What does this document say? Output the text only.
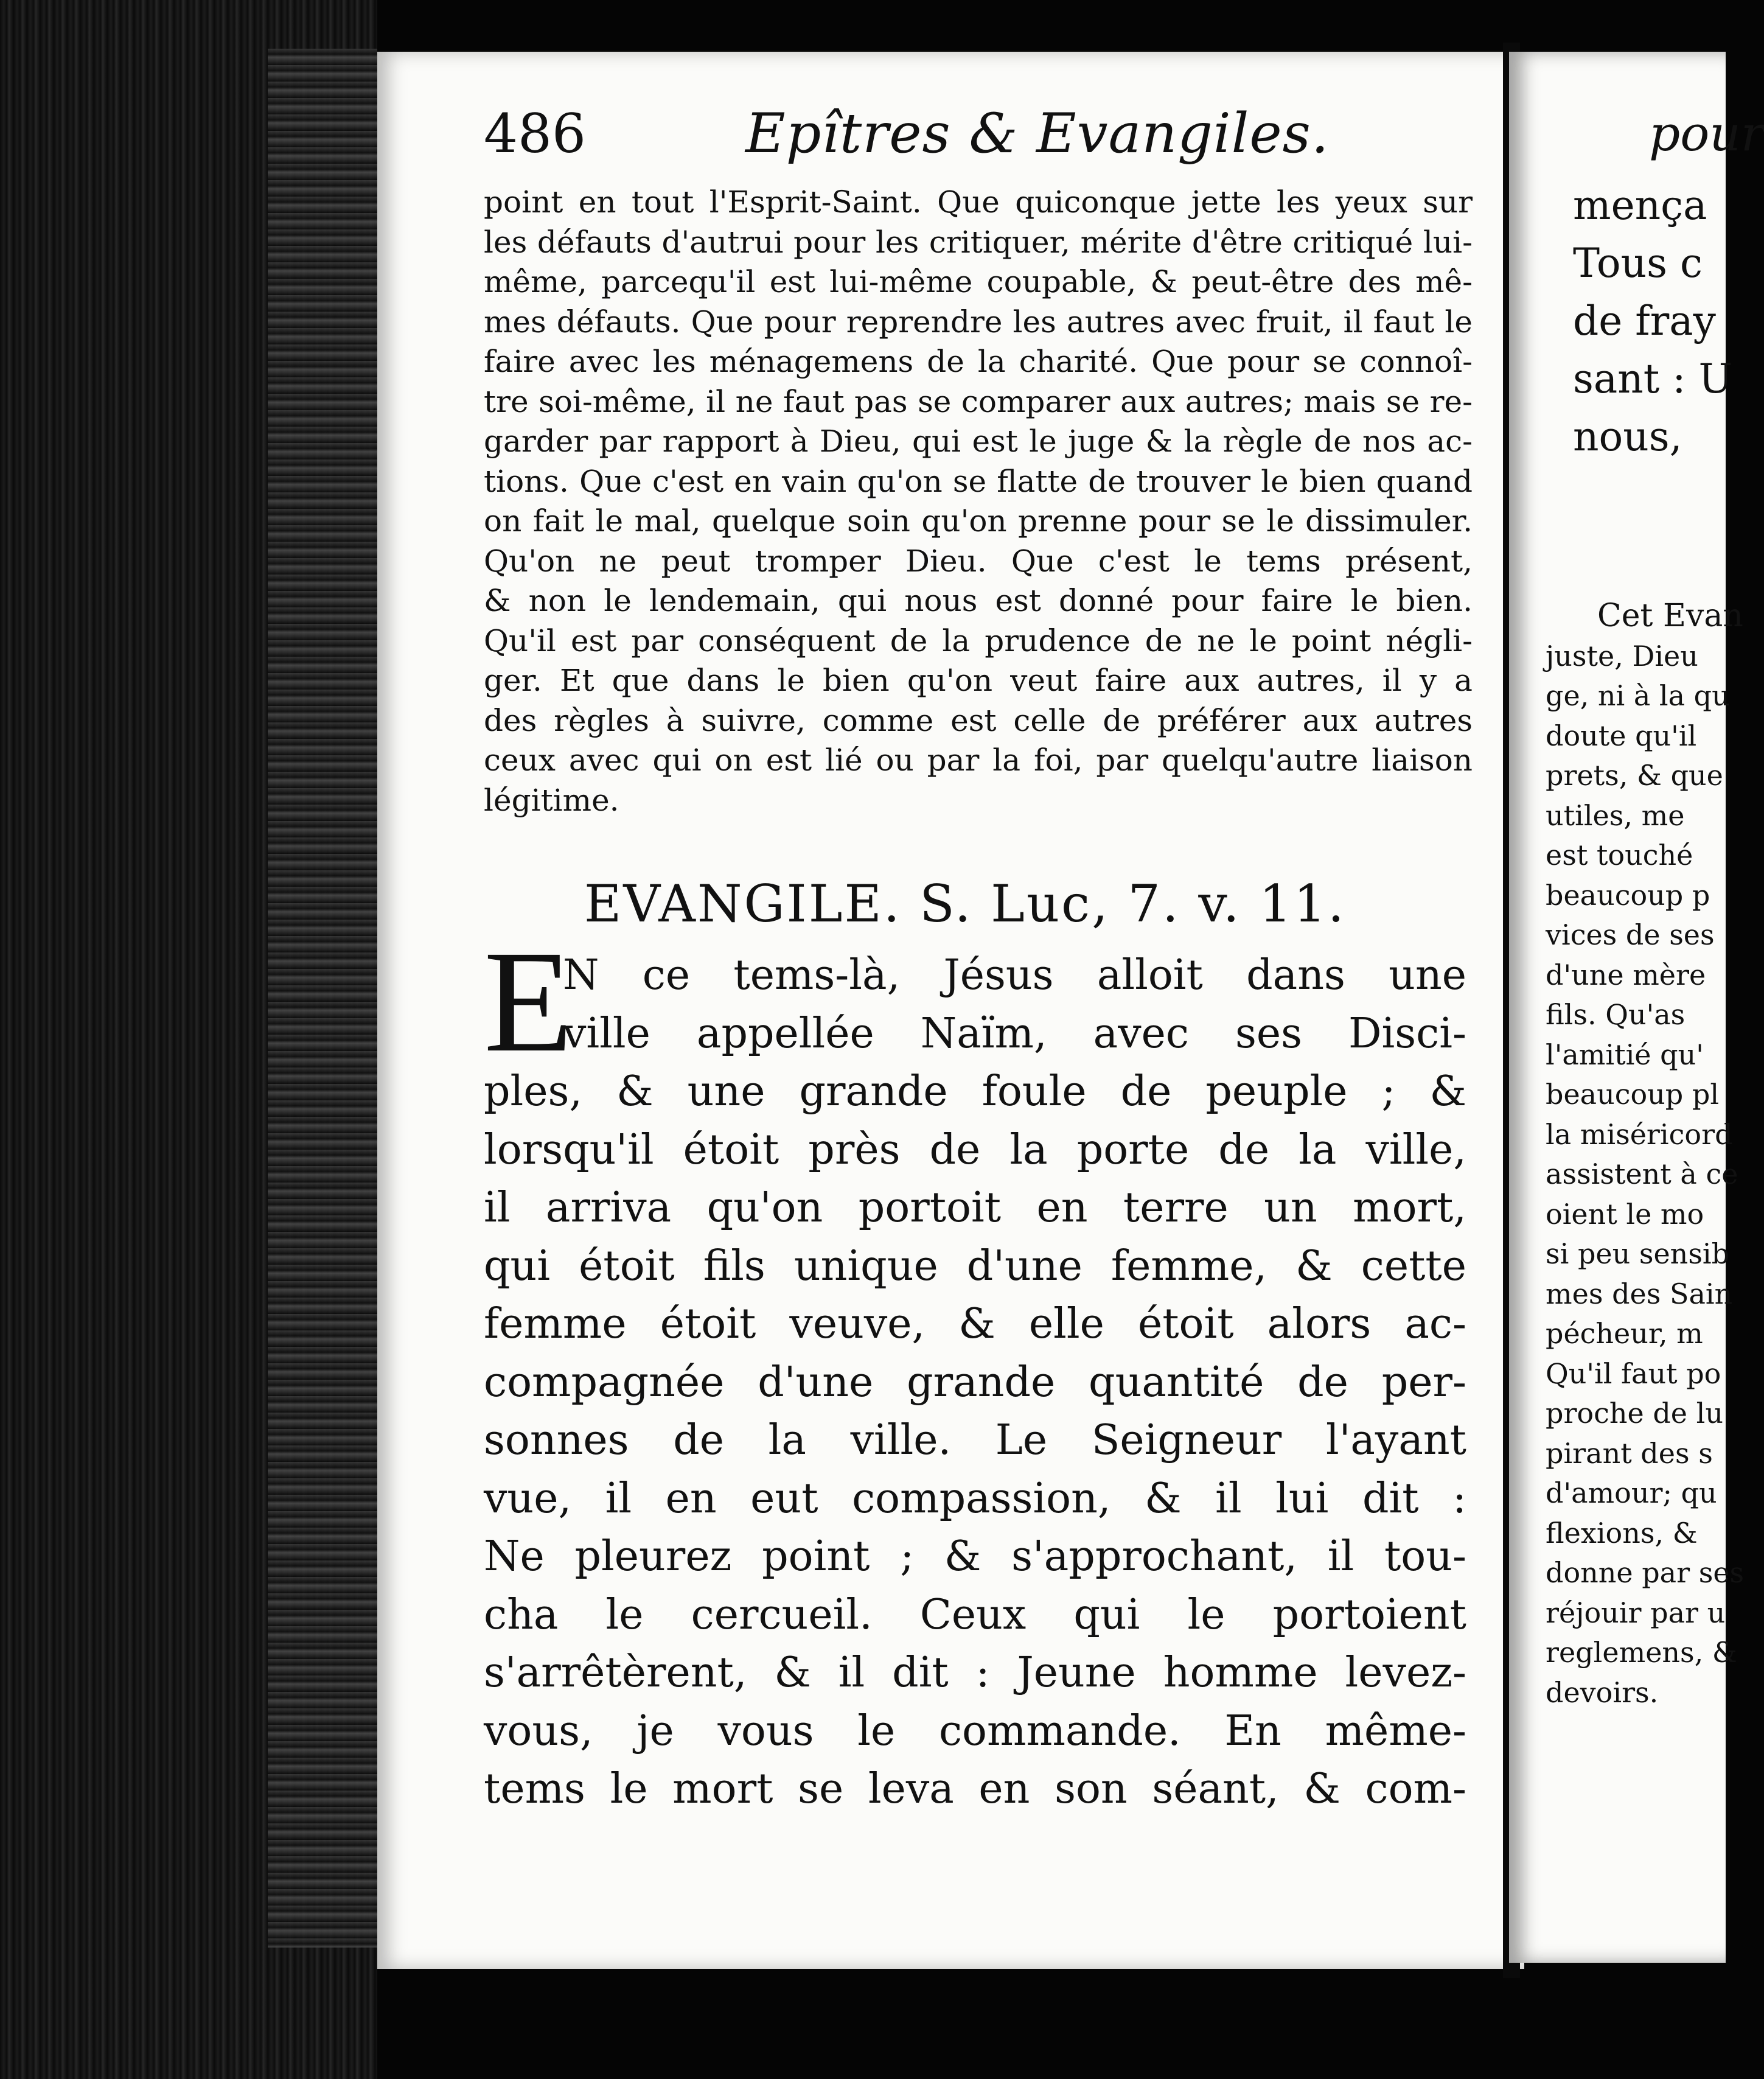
486	Epîtres & Evangiles.
point en tout l'Esprit-Saint. Que quiconque jette les yeux sur
les défauts d'autrui pour les critiquer, mérite d'être critiqué lui-
même, parcequ'il est lui-même coupable, & peut-être des mê-
mes défauts. Que pour reprendre les autres avec fruit, il faut le
faire avec les ménagemens de la charité. Que pour se connoî-
tre soi-même, il ne faut pas se comparer aux autres; mais se re-
garder par rapport à Dieu, qui est le juge & la règle de nos ac-
tions. Que c'est en vain qu'on se flatte de trouver le bien quand
on fait le mal, quelque soin qu'on prenne pour se le dissimuler.
Qu'on ne peut tromper Dieu. Que c'est le tems présent,
& non le lendemain, qui nous est donné pour faire le bien.
Qu'il est par conséquent de la prudence de ne le point négli-
ger. Et que dans le bien qu'on veut faire aux autres, il y a
des règles à suivre, comme est celle de préférer aux autres
ceux avec qui on est lié ou par la foi, par quelqu'autre liaison
légitime.
EVANGILE. S. Luc, 7. v. 11.
E
N ce tems-là, Jésus alloit dans une
ville appellée Naïm, avec ses Disci-
ples, & une grande foule de peuple ; &
lorsqu'il étoit près de la porte de la ville,
il arriva qu'on portoit en terre un mort,
qui étoit fils unique d'une femme, & cette
femme étoit veuve, & elle étoit alors ac-
compagnée d'une grande quantité de per-
sonnes de la ville. Le Seigneur l'ayant
vue, il en eut compassion, & il lui dit :
Ne pleurez point ; & s'approchant, il tou-
cha le cercueil. Ceux qui le portoient
s'arrêtèrent, & il dit : Jeune homme levez-
vous, je vous le commande. En même-
tems le mort se leva en son séant, & com-
pour
mença
Tous c
de fray
sant : U
nous,
Cet Evan
juste, Dieu
ge, ni à la qu
doute qu'il
prets, & que
utiles, me
est touché
beaucoup p
vices de ses
d'une mère
fils. Qu'as
l'amitié qu'
beaucoup pl
la miséricord
assistent à ce
oient le mo
si peu sensib
mes des Sain
pécheur, m
Qu'il faut po
proche de lu
pirant des s
d'amour; qu
flexions, &
donne par ses
réjouir par u
reglemens, &
devoirs.
